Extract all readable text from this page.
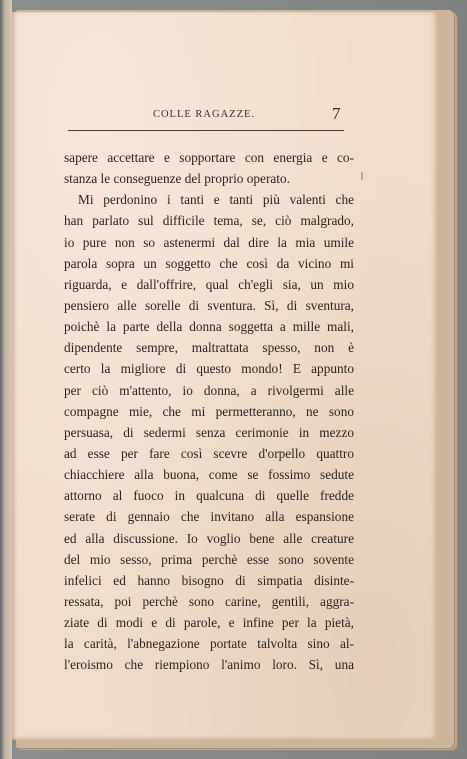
COLLE RAGAZZE.	7
sapere accettare e sopportare con energia e co-
stanza le conseguenze del proprio operato.
Mi perdonino i tanti e tanti più valenti che
han parlato sul difficile tema, se, ciò malgrado,
io pure non so astenermi dal dire la mia umile
parola sopra un soggetto che così da vicino mi
riguarda, e dall'offrire, qual ch'egli sia, un mio
pensiero alle sorelle di sventura. Sì, di sventura,
poichè la parte della donna soggetta a mille mali,
dipendente sempre, maltrattata spesso, non è
certo la migliore di questo mondo! E appunto
per ciò m'attento, io donna, a rivolgermi alle
compagne mie, che mi permetteranno, ne sono
persuasa, di sedermi senza cerimonie in mezzo
ad esse per fare così scevre d'orpello quattro
chiacchiere alla buona, come se fossimo sedute
attorno al fuoco in qualcuna di quelle fredde
serate di gennaio che invitano alla espansione
ed alla discussione. Io voglio bene alle creature
del mio sesso, prima perchè esse sono sovente
infelici ed hanno bisogno di simpatia disinte-
ressata, poi perchè sono carine, gentili, aggra-
ziate di modi e di parole, e infine per la pietà,
la carità, l'abnegazione portate talvolta sino al-
l'eroismo che riempiono l'animo loro. Sì, una
